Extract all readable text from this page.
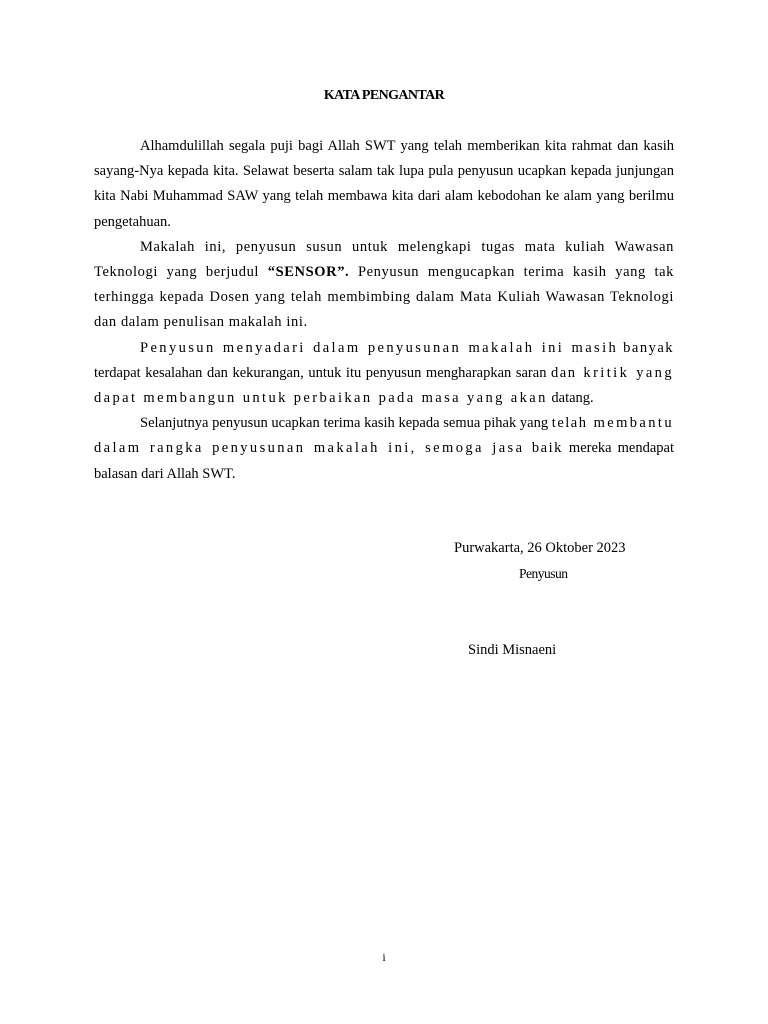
KATA PENGANTAR

Alhamdulillah segala puji bagi Allah SWT yang telah memberikan kita rahmat dan kasih sayang-Nya kepada kita. Selawat beserta salam tak lupa pula penyusun ucapkan kepada junjungan kita Nabi Muhammad SAW yang telah membawa kita dari alam kebodohan ke alam yang berilmu pengetahuan.

Makalah ini, penyusun susun untuk melengkapi tugas mata kuliah Wawasan Teknologi yang berjudul “SENSOR”. Penyusun mengucapkan terima kasih yang tak terhingga kepada Dosen yang telah membimbing dalam Mata Kuliah Wawasan Teknologi dan dalam penulisan makalah ini.

Penyusun menyadari dalam penyusunan makalah ini masih banyak terdapat kesalahan dan kekurangan, untuk itu penyusun mengharapkan saran dan kritik yang dapat membangun untuk perbaikan pada masa yang akan datang.

Selanjutnya penyusun ucapkan terima kasih kepada semua pihak yang telah membantu dalam rangka penyusunan makalah ini, semoga jasa baik mereka mendapat balasan dari Allah SWT.

Purwakarta, 26 Oktober 2023
Penyusun
Sindi Misnaeni
i
